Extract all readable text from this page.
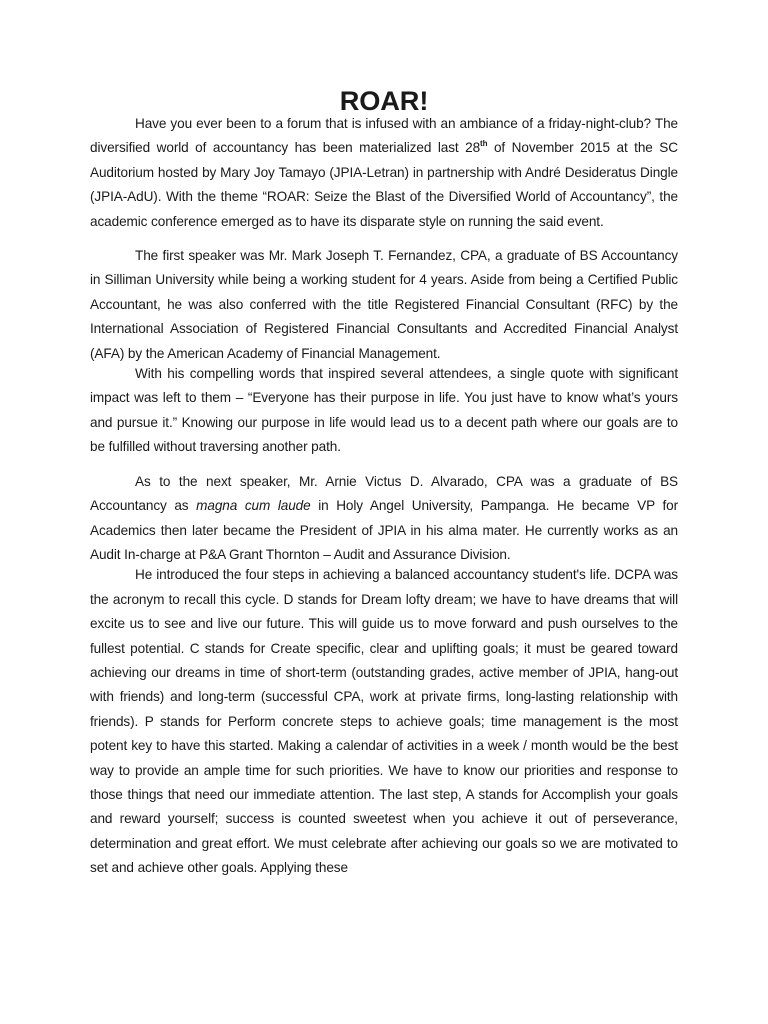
ROAR!

Have you ever been to a forum that is infused with an ambiance of a friday-night-club? The diversified world of accountancy has been materialized last 28th of November 2015 at the SC Auditorium hosted by Mary Joy Tamayo (JPIA-Letran) in partnership with André Desideratus Dingle (JPIA-AdU). With the theme “ROAR: Seize the Blast of the Diversified World of Accountancy”, the academic conference emerged as to have its disparate style on running the said event.

The first speaker was Mr. Mark Joseph T. Fernandez, CPA, a graduate of BS Accountancy in Silliman University while being a working student for 4 years. Aside from being a Certified Public Accountant, he was also conferred with the title Registered Financial Consultant (RFC) by the International Association of Registered Financial Consultants and Accredited Financial Analyst (AFA) by the American Academy of Financial Management.

With his compelling words that inspired several attendees, a single quote with significant impact was left to them – “Everyone has their purpose in life. You just have to know what’s yours and pursue it.” Knowing our purpose in life would lead us to a decent path where our goals are to be fulfilled without traversing another path.

As to the next speaker, Mr. Arnie Victus D. Alvarado, CPA was a graduate of BS Accountancy as magna cum laude in Holy Angel University, Pampanga. He became VP for Academics then later became the President of JPIA in his alma mater. He currently works as an Audit In-charge at P&A Grant Thornton – Audit and Assurance Division.

He introduced the four steps in achieving a balanced accountancy student's life. DCPA was the acronym to recall this cycle. D stands for Dream lofty dream; we have to have dreams that will excite us to see and live our future. This will guide us to move forward and push ourselves to the fullest potential. C stands for Create specific, clear and uplifting goals; it must be geared toward achieving our dreams in time of short-term (outstanding grades, active member of JPIA, hang-out with friends) and long-term (successful CPA, work at private firms, long-lasting relationship with friends). P stands for Perform concrete steps to achieve goals; time management is the most potent key to have this started. Making a calendar of activities in a week / month would be the best way to provide an ample time for such priorities. We have to know our priorities and response to those things that need our immediate attention. The last step, A stands for Accomplish your goals and reward yourself; success is counted sweetest when you achieve it out of perseverance, determination and great effort. We must celebrate after achieving our goals so we are motivated to set and achieve other goals. Applying these
